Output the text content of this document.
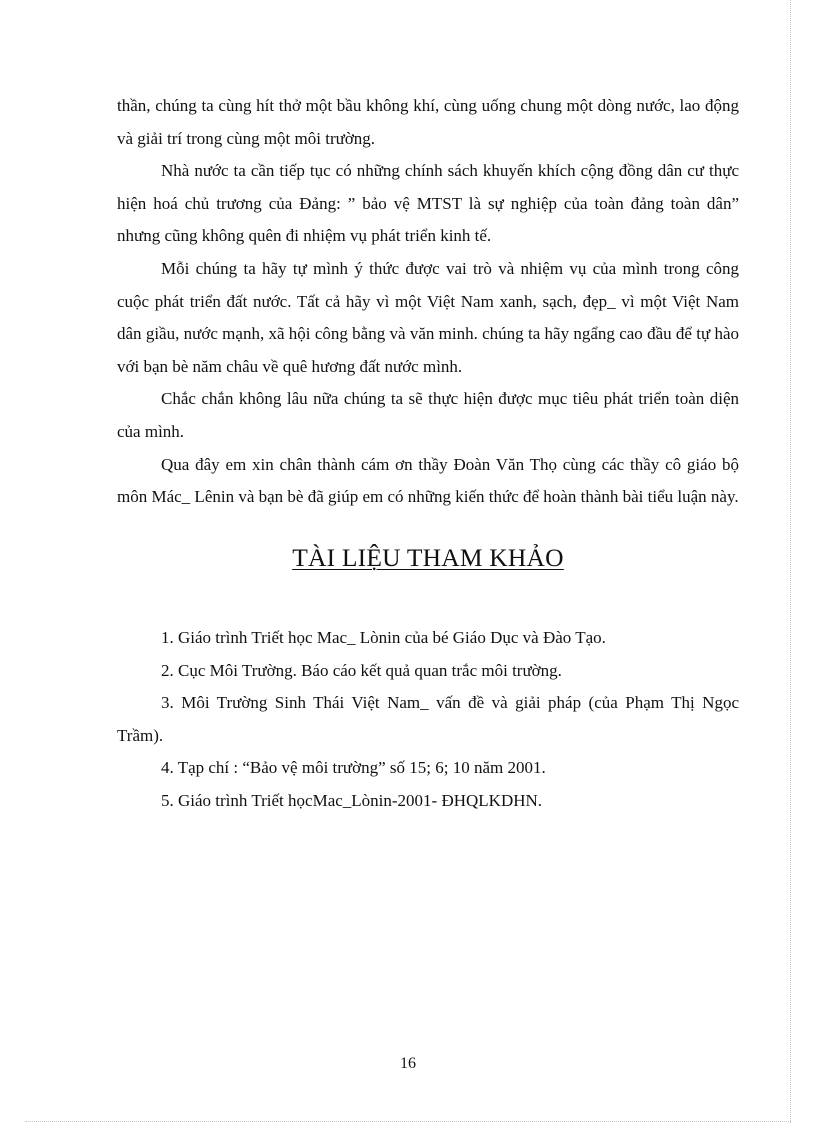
thần, chúng ta cùng hít thở một bầu không khí, cùng uống chung một dòng nước, lao động và giải trí trong cùng một môi trường.

Nhà nước ta cần tiếp tục có những chính sách khuyến khích cộng đồng dân cư thực hiện hoá chủ trương của Đảng: ” bảo vệ MTST là sự nghiệp của toàn đảng toàn dân” nhưng cũng không quên đi nhiệm vụ phát triển kinh tế.

Mỗi chúng ta hãy tự mình ý thức được vai trò và nhiệm vụ của mình trong công cuộc phát triển đất nước. Tất cả hãy vì một Việt Nam xanh, sạch, đẹp_ vì một Việt Nam dân giầu, nước mạnh, xã hội công bằng và văn minh. chúng ta hãy ngẩng cao đầu để tự hào với bạn bè năm châu về quê hương đất nước mình.

Chắc chắn không lâu nữa chúng ta sẽ thực hiện được mục tiêu phát triển toàn diện của mình.

Qua đây em xin chân thành cám ơn thầy Đoàn Văn Thọ cùng các thầy cô giáo bộ môn Mác_ Lênin và bạn bè đã giúp em có những kiến thức để hoàn thành bài tiểu luận này.

TÀI LIỆU THAM KHẢO
1. Giáo trình Triết học Mac_ Lònin của bé Giáo Dục và Đào Tạo.
2. Cục Môi Trường. Báo cáo kết quả quan trắc môi trường.
3. Môi Trường Sinh Thái Việt Nam_ vấn đề và giải pháp (của Phạm Thị Ngọc Trầm).
4. Tạp chí : “Bảo vệ môi trường” số 15; 6; 10 năm 2001.
5. Giáo trình Triết họcMac_Lònin-2001- ĐHQLKDHN.
16
